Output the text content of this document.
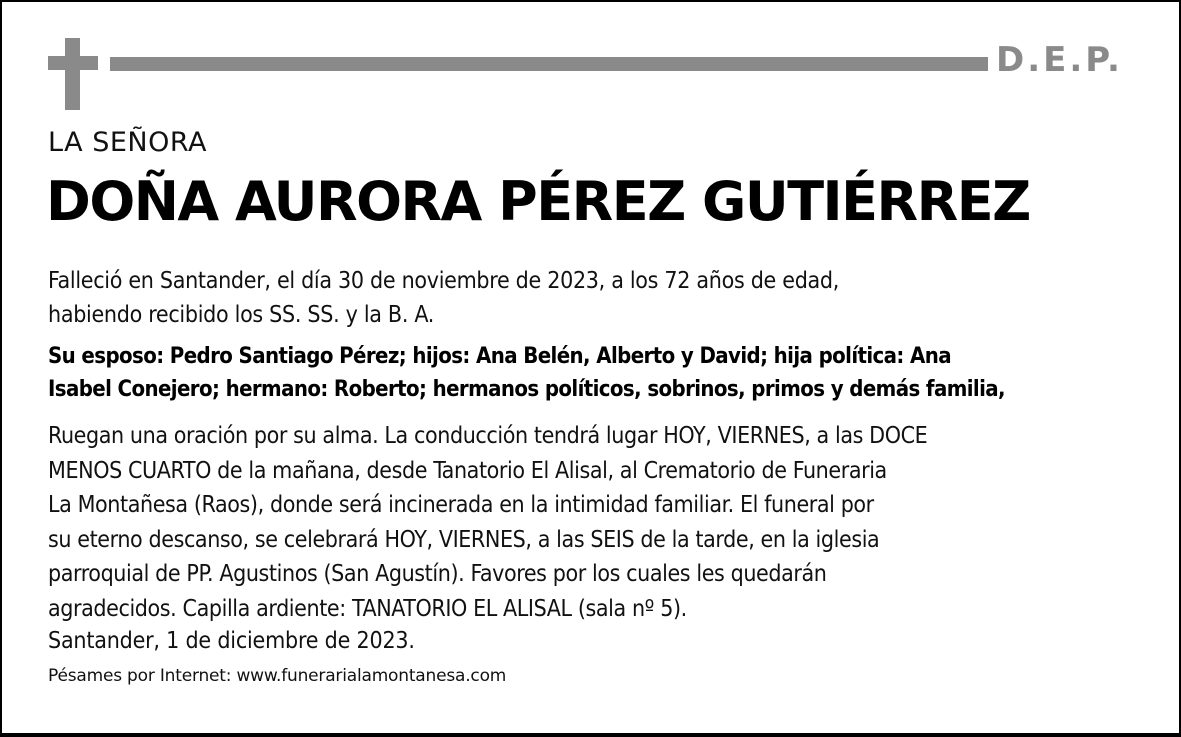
D.E.P.
LA SEÑORA
DOÑA AURORA PÉREZ GUTIÉRREZ
Falleció en Santander, el día 30 de noviembre de 2023, a los 72 años de edad,
habiendo recibido los SS. SS. y la B. A.
Su esposo: Pedro Santiago Pérez; hijos: Ana Belén, Alberto y David; hija política: Ana
Isabel Conejero; hermano: Roberto; hermanos políticos, sobrinos, primos y demás familia,
Ruegan una oración por su alma. La conducción tendrá lugar HOY, VIERNES, a las DOCE
MENOS CUARTO de la mañana, desde Tanatorio El Alisal, al Crematorio de Funeraria
La Montañesa (Raos), donde será incinerada en la intimidad familiar. El funeral por
su eterno descanso, se celebrará HOY, VIERNES, a las SEIS de la tarde, en la iglesia
parroquial de PP. Agustinos (San Agustín). Favores por los cuales les quedarán
agradecidos. Capilla ardiente: TANATORIO EL ALISAL (sala nº 5).
Santander, 1 de diciembre de 2023.
Pésames por Internet: www.funerarialamontanesa.com
